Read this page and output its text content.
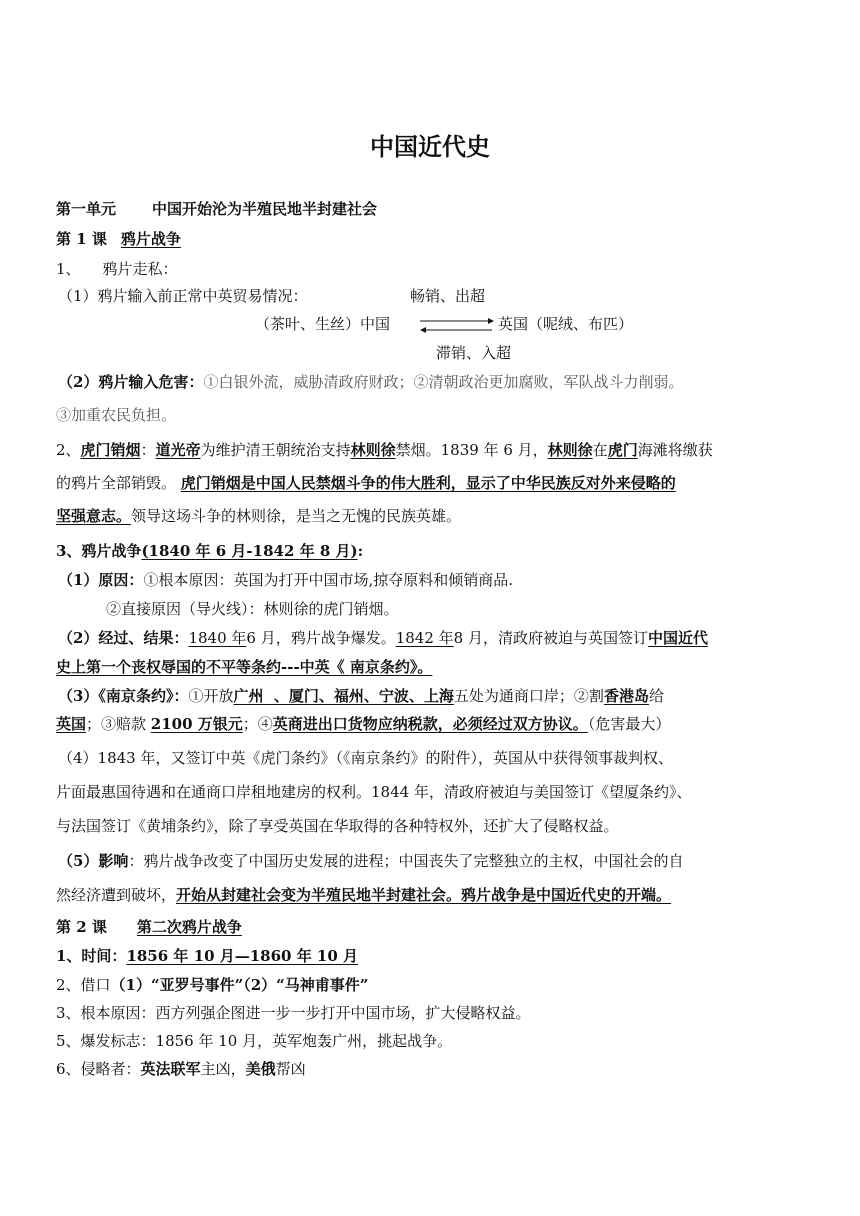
中国近代史
第一单元 中国开始沦为半殖民地半封建社会
第 1 课 鸦片战争
1、 鸦片走私：
（1）鸦片输入前正常中英贸易情况：	畅销、出超
（茶叶、生丝）中国	英国（呢绒、布匹）
滞销、入超
（2）鸦片输入危害：①白银外流，威胁清政府财政；②清朝政治更加腐败，军队战斗力削弱。
③加重农民负担。
2、虎门销烟：道光帝为维护清王朝统治支持林则徐禁烟。1839 年 6 月，林则徐在虎门海滩将缴获
的鸦片全部销毁。 虎门销烟是中国人民禁烟斗争的伟大胜利，显示了中华民族反对外来侵略的
坚强意志。领导这场斗争的林则徐，是当之无愧的民族英雄。
3、鸦片战争(1840 年 6 月-1842 年 8 月):
（1）原因：①根本原因：英国为打开中国市场,掠夺原料和倾销商品.
②直接原因（导火线）：林则徐的虎门销烟。
（2）经过、结果：1840 年6 月，鸦片战争爆发。1842 年8 月，清政府被迫与英国签订中国近代
史上第一个丧权辱国的不平等条约---中英《 南京条约》。
（3）《南京条约》：①开放广州  、厦门、福州、宁波、上海五处为通商口岸；②割香港岛给
英国；③赔款 2100 万银元；④英商进出口货物应纳税款，必须经过双方协议。（危害最大）
（4）1843 年，又签订中英《虎门条约》（《南京条约》的附件），英国从中获得领事裁判权、
片面最惠国待遇和在通商口岸租地建房的权利。1844 年，清政府被迫与美国签订《望厦条约》、
与法国签订《黄埔条约》，除了享受英国在华取得的各种特权外，还扩大了侵略权益。
（5）影响：鸦片战争改变了中国历史发展的进程；中国丧失了完整独立的主权，中国社会的自
然经济遭到破坏，开始从封建社会变为半殖民地半封建社会。鸦片战争是中国近代史的开端。
第 2 课 第二次鸦片战争
1、时间：1856 年 10 月—1860 年 10 月
2、借口（1）“亚罗号事件”（2）“马神甫事件”
3、根本原因：西方列强企图进一步一步打开中国市场，扩大侵略权益。
5、爆发标志：1856 年 10 月，英军炮轰广州，挑起战争。
6、侵略者：英法联军主凶，美俄帮凶
